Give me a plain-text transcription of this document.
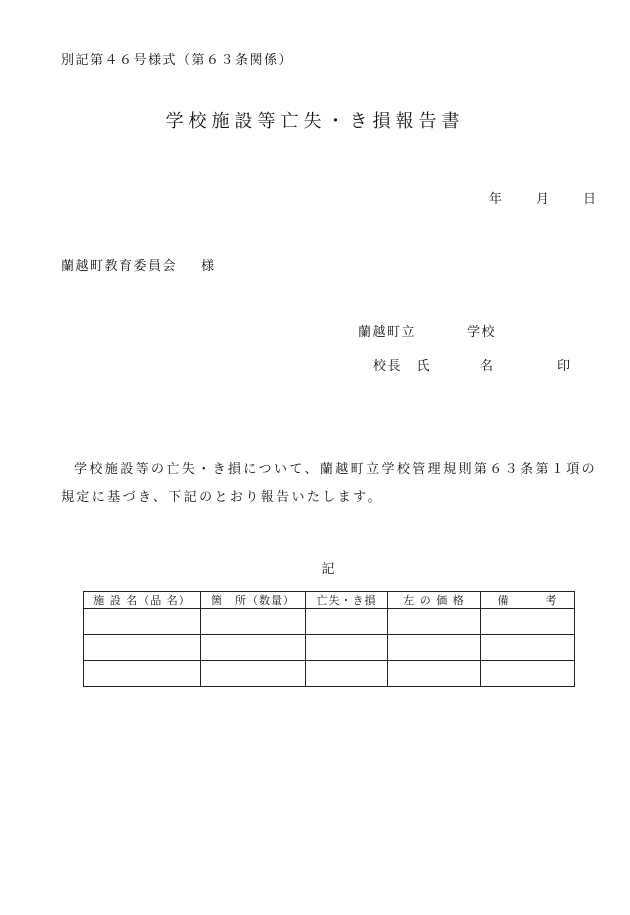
別記第４６号様式（第６３条関係）
学校施設等亡失・き損報告書
年	月	日
蘭越町教育委員会 様
蘭越町立	学校
校長　氏	名	印
学校施設等の亡失・き損について、蘭越町立学校管理規則第６３条第１項の規定に基づき、下記のとおり報告いたします。
記
施 設 名（品 名）	箇　所（数量）	亡失・き損	左 の 価 格	備　　　考
